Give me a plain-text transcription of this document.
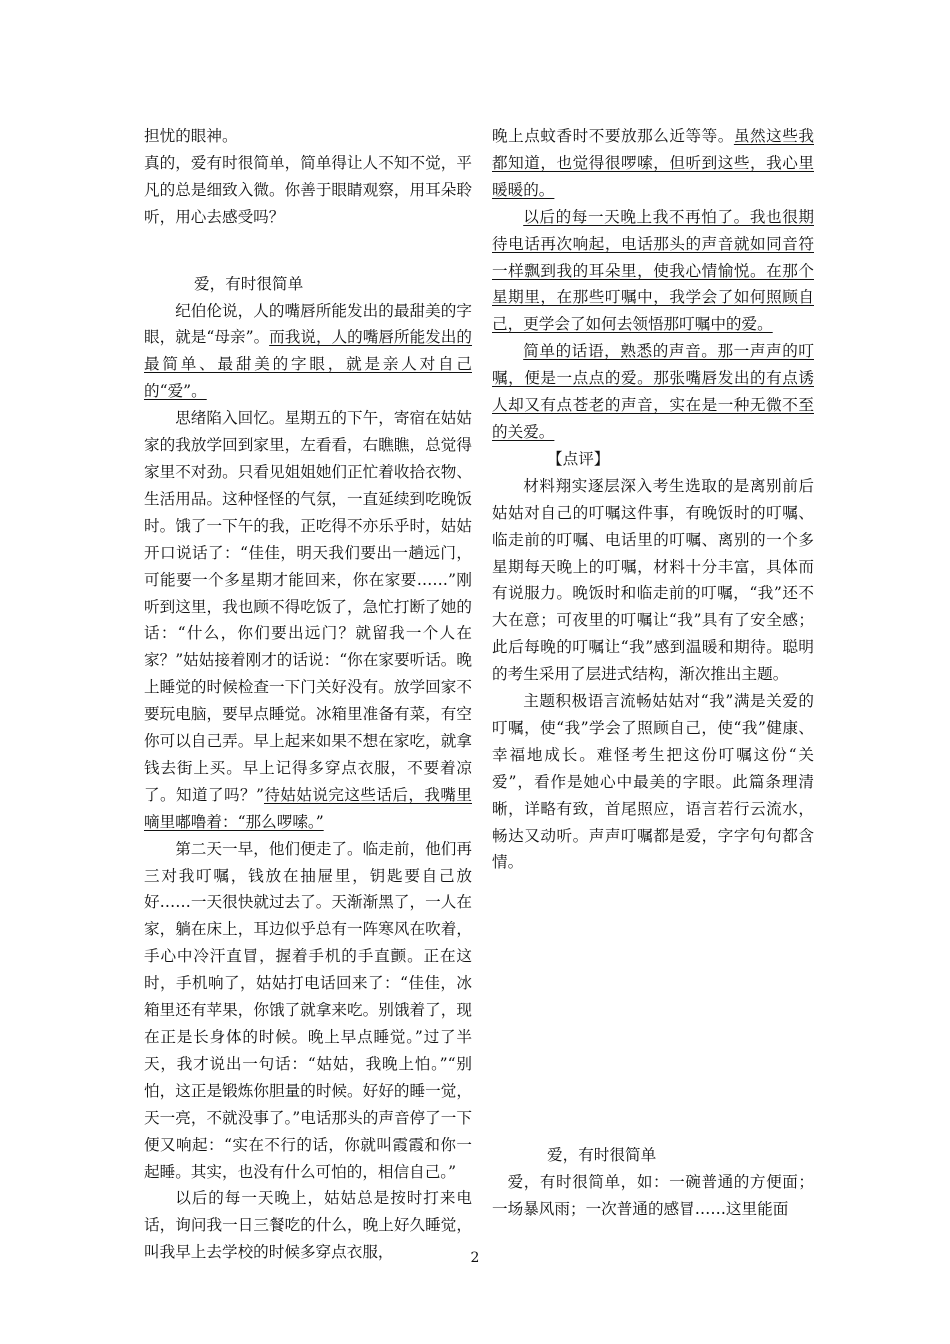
担忧的眼神。

真的，爱有时很简单，简单得让人不知不觉，平凡的总是细致入微。你善于眼睛观察，用耳朵聆听，用心去感受吗？

爱，有时很简单

纪伯伦说，人的嘴唇所能发出的最甜美的字眼，就是“母亲”。而我说，人的嘴唇所能发出的最简单、最甜美的字眼，就是亲人对自己的“爱”。

思绪陷入回忆。星期五的下午，寄宿在姑姑家的我放学回到家里，左看看，右瞧瞧，总觉得家里不对劲。只看见姐姐她们正忙着收拾衣物、生活用品。这种怪怪的气氛，一直延续到吃晚饭时。饿了一下午的我，正吃得不亦乐乎时，姑姑开口说话了：“佳佳，明天我们要出一趟远门，可能要一个多星期才能回来，你在家要……”刚听到这里，我也顾不得吃饭了，急忙打断了她的话：“什么，你们要出远门？就留我一个人在家？”姑姑接着刚才的话说：“你在家要听话。晚上睡觉的时候检查一下门关好没有。放学回家不要玩电脑，要早点睡觉。冰箱里准备有菜，有空你可以自己弄。早上起来如果不想在家吃，就拿钱去街上买。早上记得多穿点衣服，不要着凉了。知道了吗？”待姑姑说完这些话后，我嘴里嘀里嘟噜着：“那么啰嗦。”

第二天一早，他们便走了。临走前，他们再三对我叮嘱，钱放在抽屉里，钥匙要自己放好……一天很快就过去了。天渐渐黑了，一人在家，躺在床上，耳边似乎总有一阵寒风在吹着，手心中冷汗直冒，握着手机的手直颤。正在这时，手机响了，姑姑打电话回来了：“佳佳，冰箱里还有苹果，你饿了就拿来吃。别饿着了，现在正是长身体的时候。晚上早点睡觉。”过了半天，我才说出一句话：“姑姑，我晚上怕。”“别怕，这正是锻炼你胆量的时候。好好的睡一觉，天一亮，不就没事了。”电话那头的声音停了一下便又响起：“实在不行的话，你就叫霞霞和你一起睡。其实，也没有什么可怕的，相信自己。”

以后的每一天晚上，姑姑总是按时打来电话，询问我一日三餐吃的什么，晚上好久睡觉，叫我早上去学校的时候多穿点衣服，

晚上点蚊香时不要放那么近等等。虽然这些我都知道，也觉得很啰嗦，但听到这些，我心里暖暖的。

以后的每一天晚上我不再怕了。我也很期待电话再次响起，电话那头的声音就如同音符一样飘到我的耳朵里，使我心情愉悦。在那个星期里，在那些叮嘱中，我学会了如何照顾自己，更学会了如何去领悟那叮嘱中的爱。

简单的话语，熟悉的声音。那一声声的叮嘱，便是一点点的爱。那张嘴唇发出的有点诱人却又有点苍老的声音，实在是一种无微不至的关爱。

【点评】

材料翔实逐层深入考生选取的是离别前后姑姑对自己的叮嘱这件事，有晚饭时的叮嘱、临走前的叮嘱、电话里的叮嘱、离别的一个多星期每天晚上的叮嘱，材料十分丰富，具体而有说服力。晚饭时和临走前的叮嘱，“我”还不大在意；可夜里的叮嘱让“我”具有了安全感；此后每晚的叮嘱让“我”感到温暖和期待。聪明的考生采用了层进式结构，渐次推出主题。

主题积极语言流畅姑姑对“我”满是关爱的叮嘱，使“我”学会了照顾自己，使“我”健康、幸福地成长。难怪考生把这份叮嘱这份“关爱”，看作是她心中最美的字眼。此篇条理清晰，详略有致，首尾照应，语言若行云流水，畅达又动听。声声叮嘱都是爱，字字句句都含情。

爱，有时很简单

爱，有时很简单，如：一碗普通的方便面；一场暴风雨；一次普通的感冒……这里能面

2
